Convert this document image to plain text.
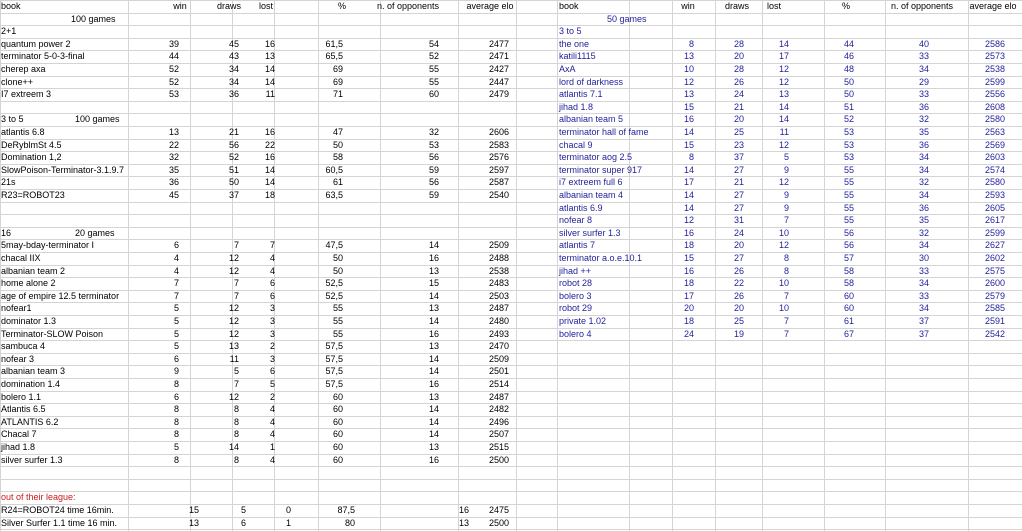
book	win	draws	lost	%	n. of opponents	average elo	book	win	draws	lost	%	n. of opponents	average elo
100 games
2+1
quantum power 2	39	45	16	61,5	54	2477
terminator 5-0-3-final	44	43	13	65,5	52	2471
cherep axa	52	34	14	69	55	2427
clone++	52	34	14	69	55	2447
I7 extreem 3	53	36	11	71	60	2479
3 to 5	100 games
atlantis 6.8	13	21	16	47	32	2606
DeRyblmSt 4.5	22	56	22	50	53	2583
Domination 1,2	32	52	16	58	56	2576
SlowPoison-Terminator-3.1.9.7	35	51	14	60,5	59	2597
21s	36	50	14	61	56	2587
R23=ROBOT23	45	37	18	63,5	59	2540
16	20 games
5may-bday-terminator I	6	7	7	47,5	14	2509
chacal IIX	4	12	4	50	16	2488
albanian team 2	4	12	4	50	13	2538
home alone 2	7	7	6	52,5	15	2483
age of empire 12.5 terminator	7	7	6	52,5	14	2503
nofear1	5	12	3	55	13	2487
dominator 1.3	5	12	3	55	14	2480
Terminator-SLOW Poison	5	12	3	55	16	2493
sambuca 4	5	13	2	57,5	13	2470
nofear 3	6	11	3	57,5	14	2509
albanian team 3	9	5	6	57,5	14	2501
domination 1.4	8	7	5	57,5	16	2514
bolero 1.1	6	12	2	60	13	2487
Atlantis 6.5	8	8	4	60	14	2482
ATLANTIS 6.2	8	8	4	60	14	2496
Chacal 7	8	8	4	60	14	2507
jihad 1.8	5	14	1	60	13	2515
silver surfer 1.3	8	8	4	60	16	2500
out of their league:
R24=ROBOT24 time 16min.	15	5	0	87,5	16	2475
Silver Surfer 1.1 time 16 min.	13	6	1	80	13	2500
50 games
3 to 5
the one	8	28	14	44	40	2586
katili1115	13	20	17	46	33	2573
AxA	10	28	12	48	34	2538
lord of darkness	12	26	12	50	29	2599
atlantis 7.1	13	24	13	50	33	2556
jihad 1.8	15	21	14	51	36	2608
albanian team 5	16	20	14	52	32	2580
terminator hall of fame	14	25	11	53	35	2563
chacal 9	15	23	12	53	36	2569
terminator aog 2.5	8	37	5	53	34	2603
terminator super 917	14	27	9	55	34	2574
i7 extreem full 6	17	21	12	55	32	2580
albanian team 4	14	27	9	55	34	2593
atlantis 6.9	14	27	9	55	36	2605
nofear 8	12	31	7	55	35	2617
silver surfer 1.3	16	24	10	56	32	2599
atlantis 7	18	20	12	56	34	2627
terminator a.o.e.10.1	15	27	8	57	30	2602
jihad ++	16	26	8	58	33	2575
robot 28	18	22	10	58	34	2600
bolero 3	17	26	7	60	33	2579
robot 29	20	20	10	60	34	2585
private 1.02	18	25	7	61	37	2591
bolero 4	24	19	7	67	37	2542
